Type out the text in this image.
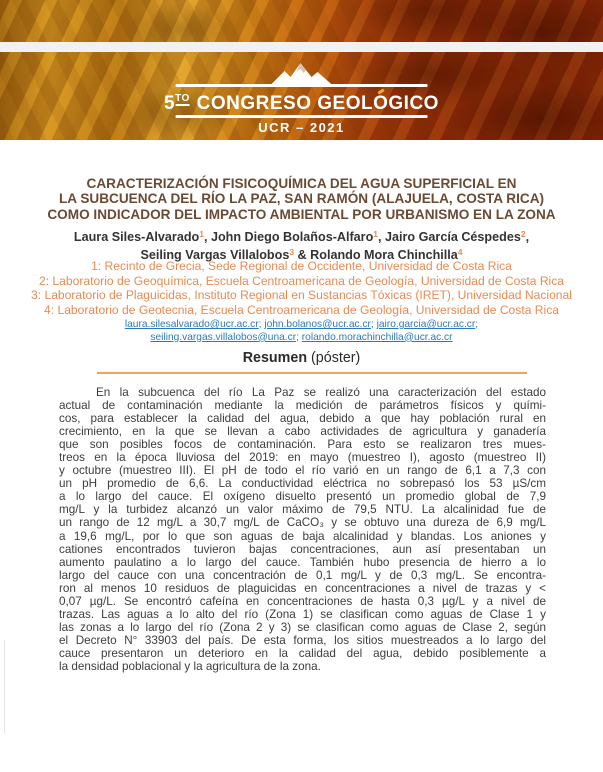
$5^{TO}$ CONGRESO GEOL
OGICO
UCR – 2021
CARACTERIZACIÓN FISICOQUÍMICA DEL AGUA SUPERFICIAL EN
LA SUBCUENCA DEL RÍO LA PAZ, SAN RAMÓN (ALAJUELA, COSTA RICA)
COMO INDICADOR DEL IMPACTO AMBIENTAL POR URBANISMO EN LA ZONA
Laura Siles-Alvarado$^1$, John Diego Bolaños-Alfaro$^1$, Jairo García Céspedes$^2$,
Seiling Vargas Villalobos$^3$ & Rolando Mora Chinchilla$^4$
1: Recinto de Grecia, Sede Regional de Occidente, Universidad de Costa Rica
2: Laboratorio de Geoquímica, Escuela Centroamericana de Geología, Universidad de Costa Rica
3: Laboratorio de Plaguicidas, Instituto Regional en Sustancias Tóxicas (IRET), Universidad Nacional
4: Laboratorio de Geotecnia, Escuela Centroamericana de Geología, Universidad de Costa Rica
laura.silesalvarado@ucr.ac.cr; john.bolanos@ucr.ac.cr; jairo.garcia@ucr.ac.cr;
seiling.vargas.villalobos@una.cr; rolando.morachinchilla@ucr.ac.cr
Resumen (póster)
En la subcuenca del río La Paz se realizó una caracterización del estado
actual de contaminación mediante la medición de parámetros físicos y quími-
cos, para establecer la calidad del agua, debido a que hay población rural en
crecimiento, en la que se llevan a cabo actividades de agricultura y ganadería
que son posibles focos de contaminación. Para esto se realizaron tres mues-
treos en la época lluviosa del 2019: en mayo (muestreo I), agosto (muestreo II)
y octubre (muestreo III). El pH de todo el río varió en un rango de 6,1 a 7,3 con
un pH promedio de 6,6. La conductividad eléctrica no sobrepasó los 53 µS/cm
a lo largo del cauce. El oxígeno disuelto presentó un promedio global de 7,9
mg/L y la turbidez alcanzó un valor máximo de 79,5 NTU. La alcalinidad fue de
un rango de 12 mg/L a 30,7 mg/L de CaCO₃ y se obtuvo una dureza de 6,9 mg/L
a 19,6 mg/L, por lo que son aguas de baja alcalinidad y blandas. Los aniones y
cationes encontrados tuvieron bajas concentraciones, aun así presentaban un
aumento paulatino a lo largo del cauce. También hubo presencia de hierro a lo
largo del cauce con una concentración de 0,1 mg/L y de 0,3 mg/L. Se encontra-
ron al menos 10 residuos de plaguicidas en concentraciones a nivel de trazas y <
0,07 µg/L. Se encontró cafeína en concentraciones de hasta 0,3 µg/L y a nivel de
trazas. Las aguas a lo alto del río (Zona 1) se clasifican como aguas de Clase 1 y
las zonas a lo largo del río (Zona 2 y 3) se clasifican como aguas de Clase 2, según
el Decreto N° 33903 del país. De esta forma, los sitios muestreados a lo largo del
cauce presentaron un deterioro en la calidad del agua, debido posiblemente a
la densidad poblacional y la agricultura de la zona.
